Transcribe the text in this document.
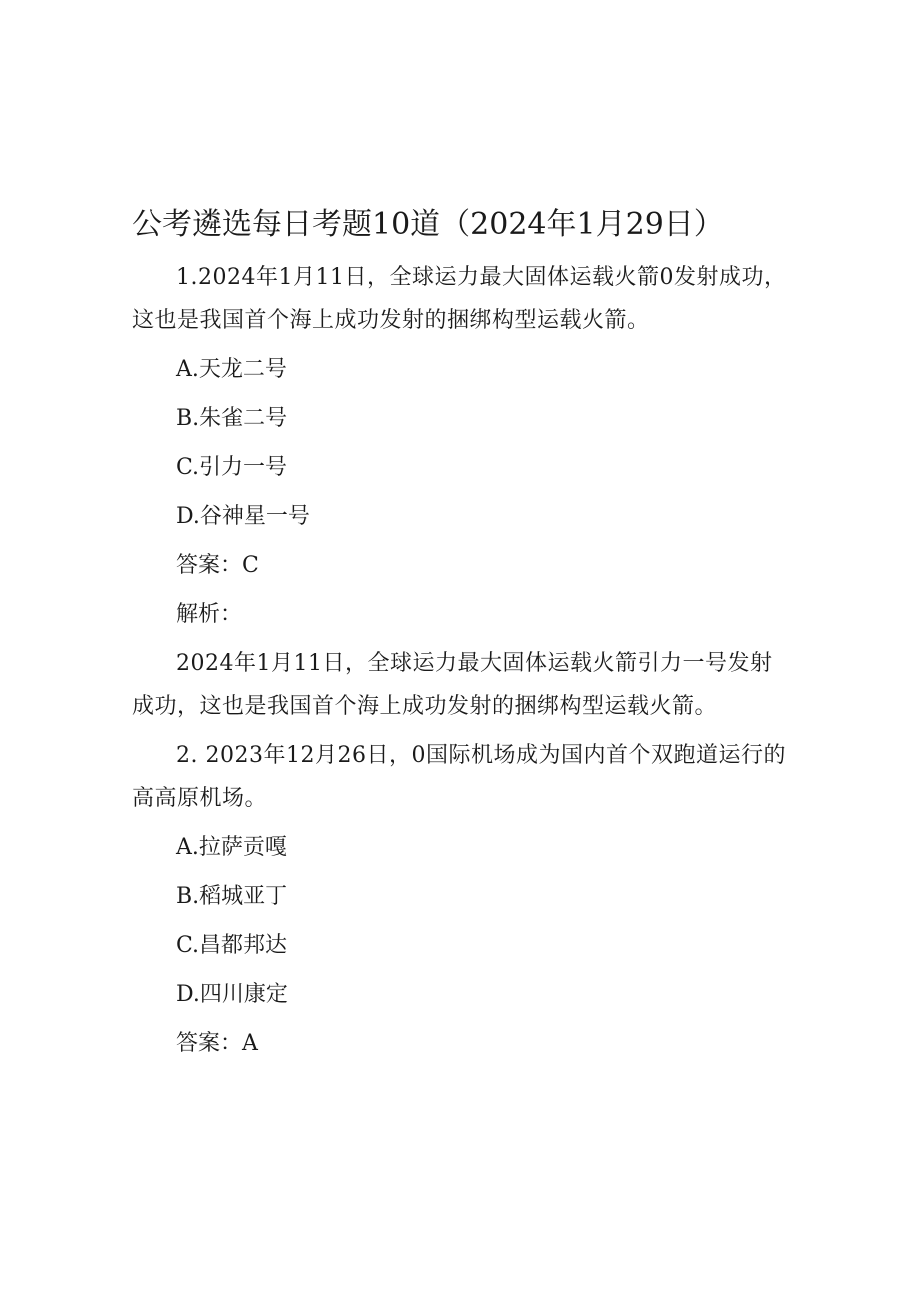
公考遴选每日考题10道（2024年1月29日）

1.2024年1月11日，全球运力最大固体运载火箭0发射成功，这也是我国首个海上成功发射的捆绑构型运载火箭。

A.天龙二号

B.朱雀二号

C.引力一号

D.谷神星一号

答案：C

解析：

2024年1月11日，全球运力最大固体运载火箭引力一号发射成功，这也是我国首个海上成功发射的捆绑构型运载火箭。

2. 2023年12月26日，0国际机场成为国内首个双跑道运行的高高原机场。

A.拉萨贡嘎

B.稻城亚丁

C.昌都邦达

D.四川康定

答案：A
